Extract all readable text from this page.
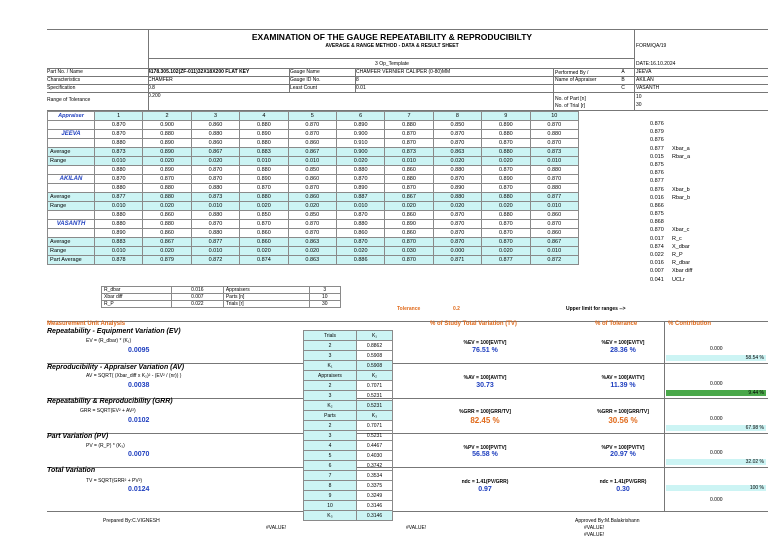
EXAMINATION OF THE GAUGE REPEATABILITY & REPRODUCIBILTY
AVERAGE & RANGE METHOD - DATA & RESULT SHEET	FORM/QA/19
3 Op_Template	DATE:16.10.2024
Part No. / Name	4178.305.102(ZF-011)32X18X200 FLAT KEY
Characteristics	CHAMFER
Specification	0.8
Range of Tolerance
0.200
Gauge Name	CHAMFER VERNIER CALIPER (0-80)MM
Gauge ID No.	8
Least Count	0.01
Performed By /
Name of Appraiser
A	JEEVA
B	AKILAN
C	VASANTH
No. of Part [n]	10
No. of Trial [r]	30
Appraiser	1	2	3	4	5	6	7	8	9	10
	0.870	0.900	0.860	0.880	0.870	0.890	0.880	0.850	0.890	0.870
JEEVA	0.870	0.880	0.880	0.890	0.870	0.900	0.870	0.870	0.880	0.880
	0.880	0.890	0.860	0.880	0.860	0.910	0.870	0.870	0.870	0.870
Average	0.873	0.890	0.867	0.883	0.867	0.900	0.873	0.863	0.880	0.873
Range	0.010	0.020	0.020	0.010	0.010	0.020	0.010	0.020	0.020	0.010
	0.880	0.890	0.870	0.880	0.850	0.880	0.860	0.880	0.870	0.880
AKILAN	0.870	0.870	0.870	0.890	0.860	0.870	0.880	0.870	0.890	0.870
	0.880	0.880	0.880	0.870	0.870	0.890	0.870	0.890	0.870	0.880
Average	0.877	0.880	0.873	0.880	0.860	0.887	0.867	0.880	0.880	0.877
Range	0.010	0.020	0.010	0.020	0.020	0.010	0.020	0.020	0.020	0.010
	0.880	0.860	0.880	0.850	0.850	0.870	0.860	0.870	0.880	0.860
VASANTH	0.880	0.880	0.870	0.870	0.870	0.880	0.890	0.870	0.870	0.870
	0.890	0.860	0.880	0.860	0.870	0.860	0.860	0.870	0.870	0.860
Average	0.883	0.867	0.877	0.860	0.863	0.870	0.870	0.870	0.870	0.867
Range	0.010	0.020	0.010	0.020	0.020	0.020	0.030	0.000	0.020	0.010
Part Average	0.878	0.879	0.872	0.874	0.863	0.886	0.870	0.871	0.877	0.872
0.876
0.879
0.876
0.877 Xbar_a
0.015 Rbar_a
0.875
0.876
0.877
0.876 Xbar_b
0.016 Rbar_b
0.866
0.875
0.868
0.870 Xbar_c
0.017 R_c
0.874 X_dbar
0.022 R_P
0.016 R_dbar
0.007 Xbar diff
0.041 UCLr
R_dbar	0.016	Appraisers	3
Xbar diff	0.007	Parts [n]	10
R_P	0.022	Trials [r]	30
Tolerance	0.2	Upper limit for ranges -->
Measurement Unit Analysis	% of Study Total Variation (TV)	% of Tolerance	% Contribution
Repeatability - Equipment Variation (EV)
EV = (R_dbar) * (K₁)
0.0095
Reproducibility - Appraiser Variation (AV)
AV = SQRT( (Xbar_diff x K₂)² - (EV² / (nr)) )
0.0038
Repeatability & Reproducibility (GRR)
GRR = SQRT(EV² + AV²)
0.0102
Part Variation (PV)
PV = (R_P) * (K₃)
0.0070
Total Variation
TV = SQRT(GRR² + PV²)
0.0124
Trials	K₁
2	0.8862
3	0.5908
K₁	0.5908
Appraisers	K₂
2	0.7071
3	0.5231
K₂	0.5231
Parts	K₃
2	0.7071
3	0.5231
4	0.4467
5	0.4030
6	0.3742
7	0.3534
8	0.3375
9	0.3249
10	0.3146
K₃	0.3146
%EV = 100[EV/TV]
76.51 %
%AV = 100[AV/TV]
30.73
%GRR = 100[GRR/TV]
82.45 %
%PV = 100[PV/TV]
56.58 %
ndc = 1.41(PV/GRR)
0.97
%EV = 100[EV/TV]
28.36 %
%AV = 100[AV/TV]
11.39 %
%GRR = 100[GRR/TV]
30.56 %
%PV = 100[PV/TV]
20.97 %
ndc = 1.41(PV/GRR)
0.30
0.000
58.54 %
0.000
9.44 %
0.000
67.98 %
0.000
32.02 %
0.000
100 %
Prepared By:C.VIGNESH	Approved By:M.Balakrishann
#VALUE!	#VALUE!	#VALUE!
#VALUE!
